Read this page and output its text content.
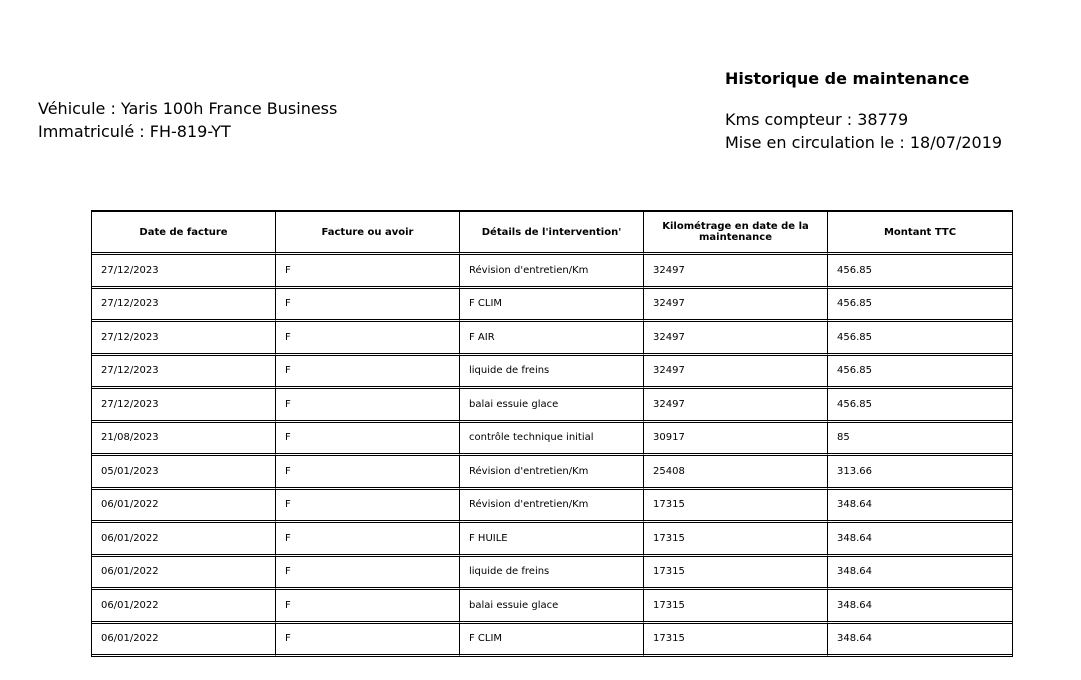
Véhicule : Yaris 100h France Business
Immatriculé : FH-819-YT
Historique de maintenance
Kms compteur : 38779
Mise en circulation le : 18/07/2019
Date de facture	Facture ou avoir	Détails de l'intervention'	Kilométrage en date de la maintenance	Montant TTC
27/12/2023	F	Révision d'entretien/Km	32497	456.85
27/12/2023	F	F CLIM	32497	456.85
27/12/2023	F	F AIR	32497	456.85
27/12/2023	F	liquide de freins	32497	456.85
27/12/2023	F	balai essuie glace	32497	456.85
21/08/2023	F	contrôle technique initial	30917	85
05/01/2023	F	Révision d'entretien/Km	25408	313.66
06/01/2022	F	Révision d'entretien/Km	17315	348.64
06/01/2022	F	F HUILE	17315	348.64
06/01/2022	F	liquide de freins	17315	348.64
06/01/2022	F	balai essuie glace	17315	348.64
06/01/2022	F	F CLIM	17315	348.64
